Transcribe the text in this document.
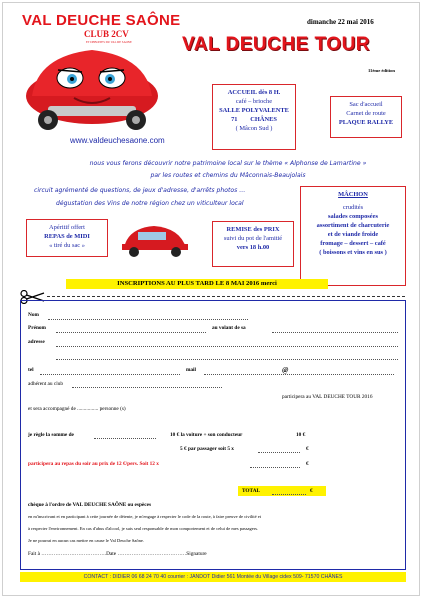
VAL DEUCHE SAÔNE
CLUB 2CV
ET DEBOITES DU VAL DE SAONE
www.valdeuchesaone.com
dimanche 22 mai 2016
VAL DEUCHE TOUR
11ème édition
ACCUEIL dès 8 H.
café – brioche
SALLE POLYVALENTE
71        CHÂNES
( Mâcon Sud )
Sac d'accueil
Carnet de route
PLAQUE RALLYE
nous vous ferons découvrir notre patrimoine local sur le thème « Alphonse de Lamartine »
par les routes et chemins du Mâconnais-Beaujolais
circuit agrémenté de questions, de jeux d'adresse, d'arrêts photos …
dégustation des Vins de notre région chez un viticulteur local
MÂCHON
crudités
salades composées
assortiment de charcuterie
et de viande froide
fromage – dessert – café
( boissons et vins en sus )
Apéritif offert
REPAS de MIDI
« tiré du sac »
REMISE des PRIX
suivi du pot de l'amitié
vers 18 h.00
INSCRIPTIONS AU PLUS TARD LE 8 MAI 2016 merci
Nom
Prénom	au volant de sa
adresse
tel	mail	@
adhérent au club
participera au VAL DEUCHE TOUR 2016
et sera accompagné de ................ personne (s)
je règle la somme de	10 € la voiture + son conducteur	10 €
5 € par passager soit 5 x	€
participera au repas du soir au prix de 12 €/pers. Soit 12 x	€
TOTAL	€
chèque à l'ordre de VAL DEUCHE SAÔNE ou espèces
en m'inscrivant et en participant à cette journée de détente, je m'engage à respecter le code de la route, à faire preuve de civilité et
à respecter l'environnement. En cas d'abus d'alcool, je suis seul responsable de mon comportement et de celui de mes passagers.
Je ne pourrai en aucun cas mettre en cause le Val Deuche Saône.
Fait à ……………………………….Date …………………………………Signature
CONTACT : DIDIER 06 68 24 70 40 courrier : JANDOT Didier 561 Montée du Village cidex 509- 71570 CHÂNES
